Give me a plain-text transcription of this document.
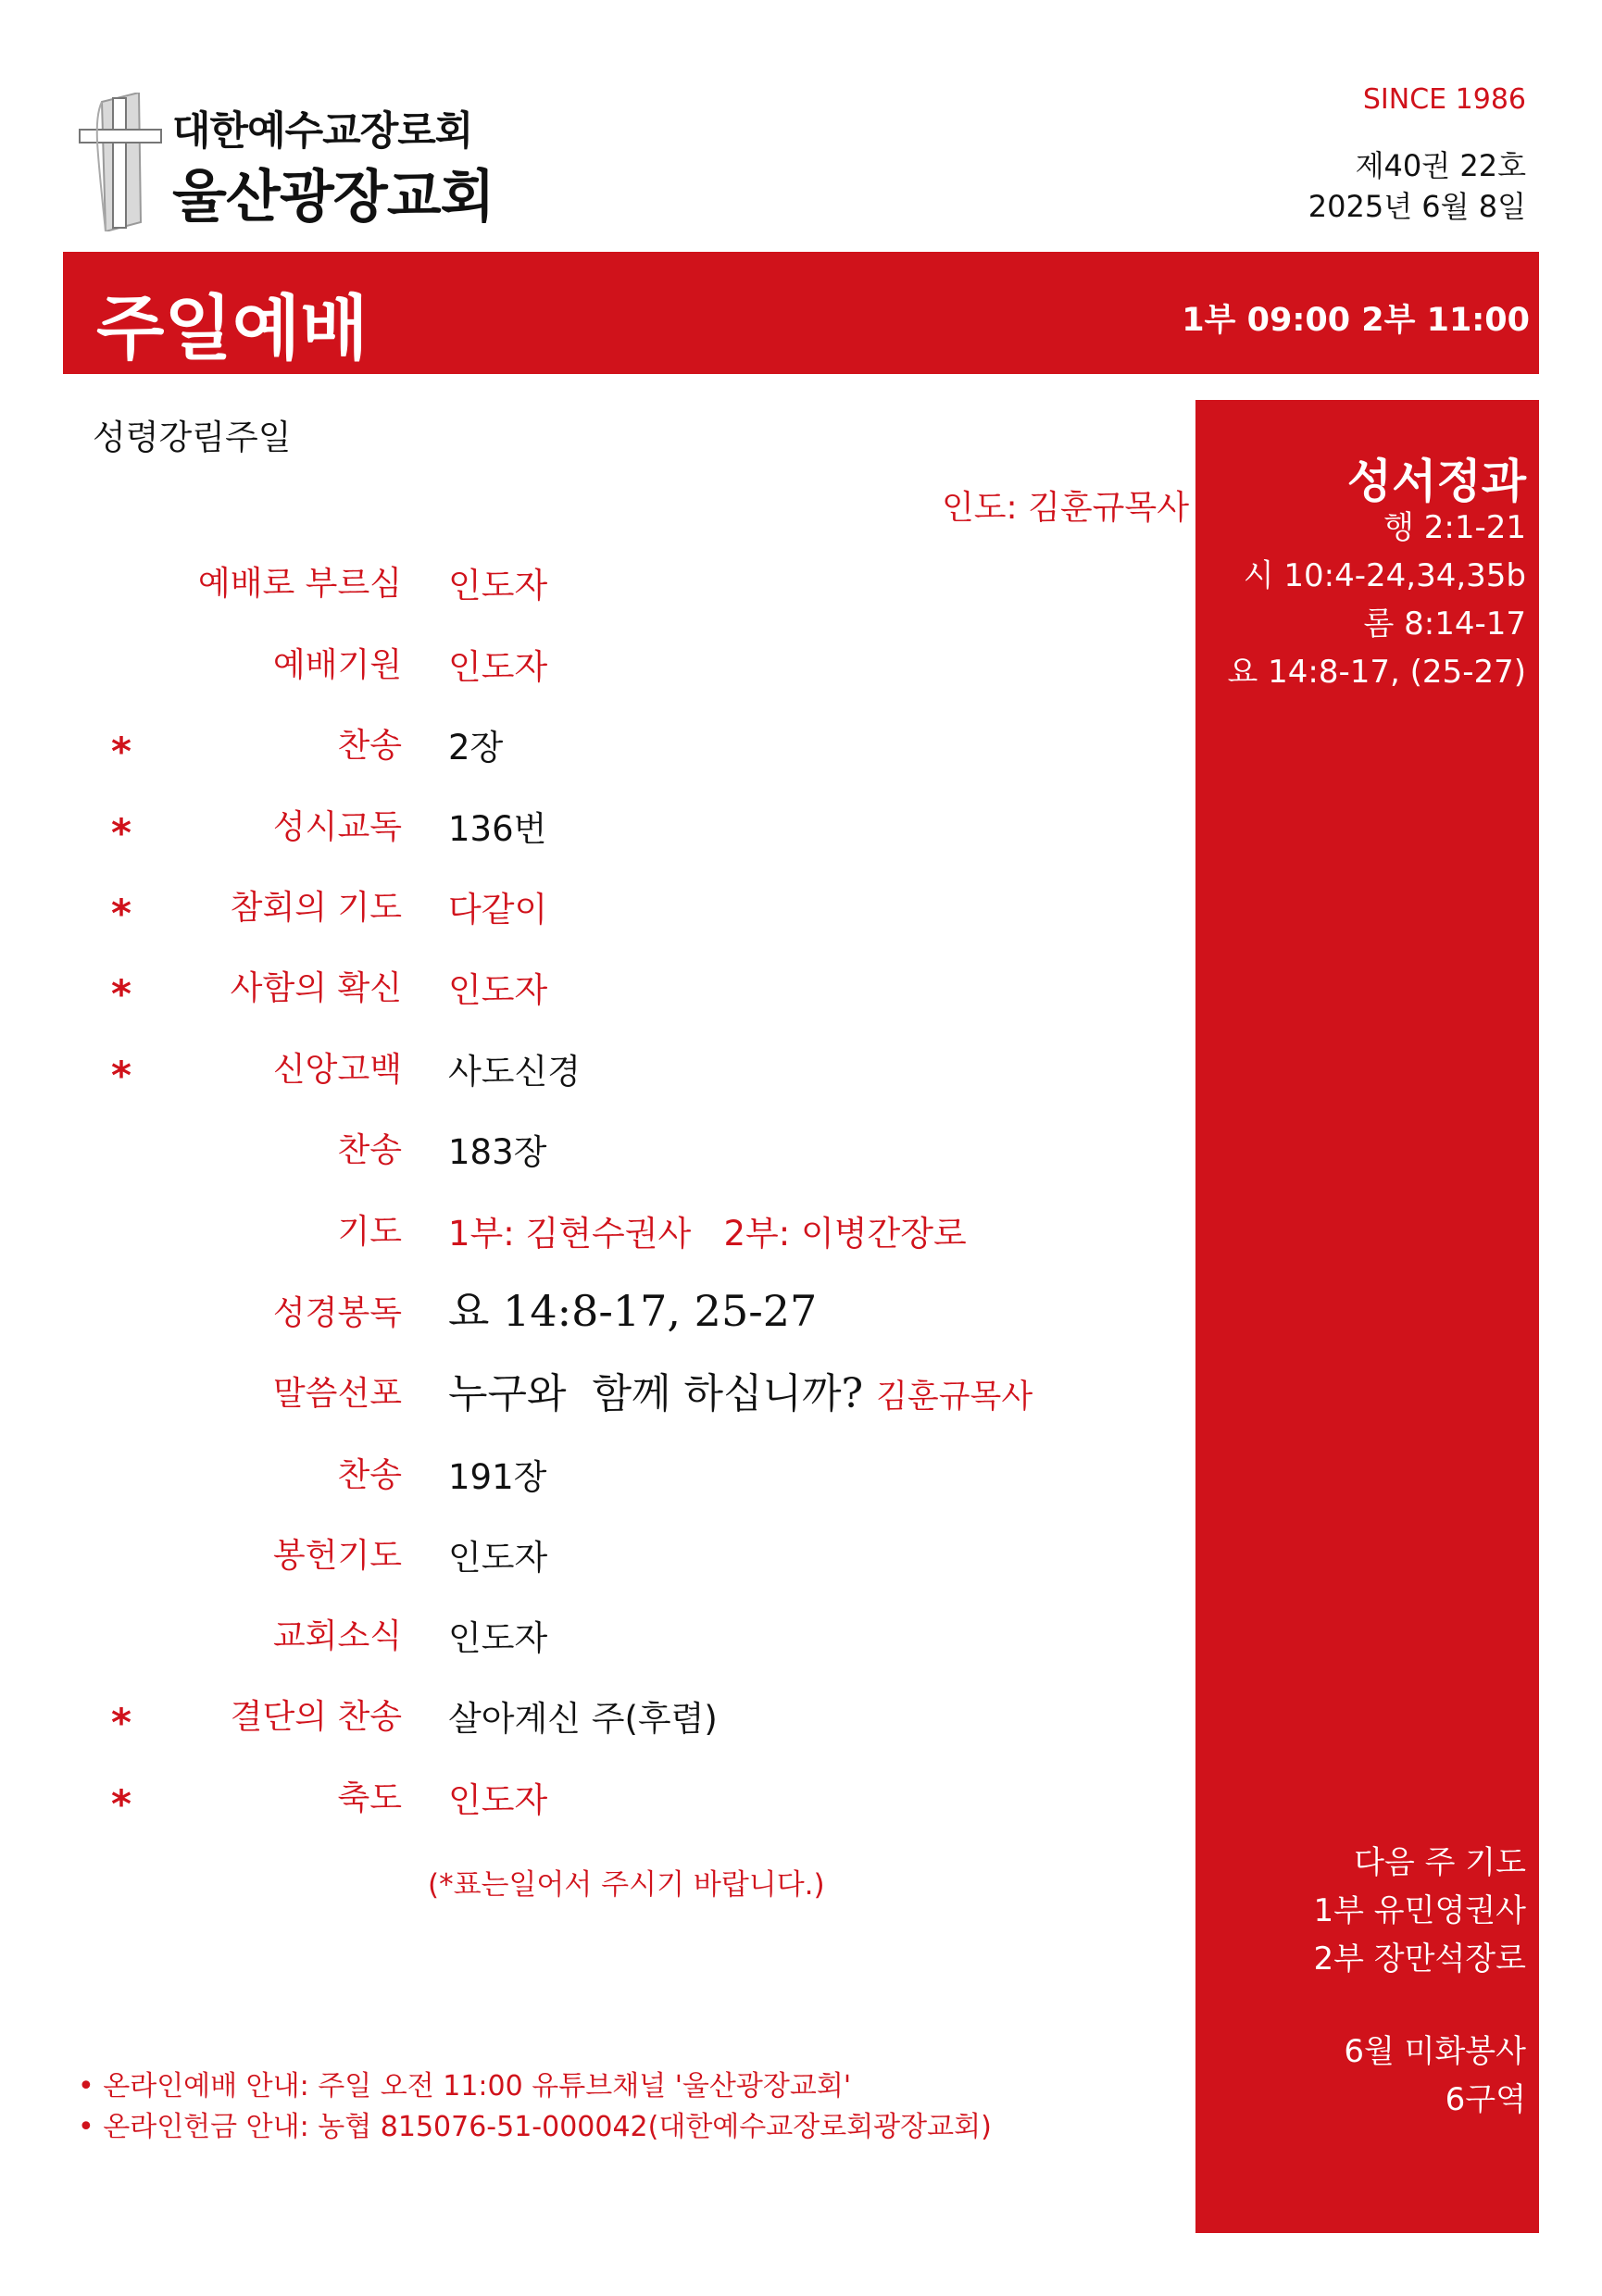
대한예수교장로회
울산광장교회
SINCE 1986
제40권 22호
2025년 6월 8일
주일예배	1부 09:00 2부 11:00
성서정과
행 2:1-21
시 10:4-24,34,35b
롬 8:14-17
요 14:8-17, (25-27)
다음 주 기도
1부 유민영권사
2부 장만석장로
6월 미화봉사
6구역
성령강림주일
인도: 김훈규목사
예배로 부르심 인도자
예배기원 인도자
*	찬송 2장
*	성시교독 136번
*	참회의 기도 다같이
*	사함의 확신 인도자
*	신앙고백 사도신경
찬송 183장
기도 1부: 김현수권사   2부: 이병간장로
성경봉독 요 14:8-17, 25-27
말씀선포 누구와  함께 하십니까? 김훈규목사
찬송 191장
봉헌기도 인도자
교회소식 인도자
*	결단의 찬송 살아계신 주(후렴)
*	축도 인도자
(*표는일어서 주시기 바랍니다.)
• 온라인예배 안내: 주일 오전 11:00 유튜브채널 '울산광장교회'
• 온라인헌금 안내: 농협 815076-51-000042(대한예수교장로회광장교회)
